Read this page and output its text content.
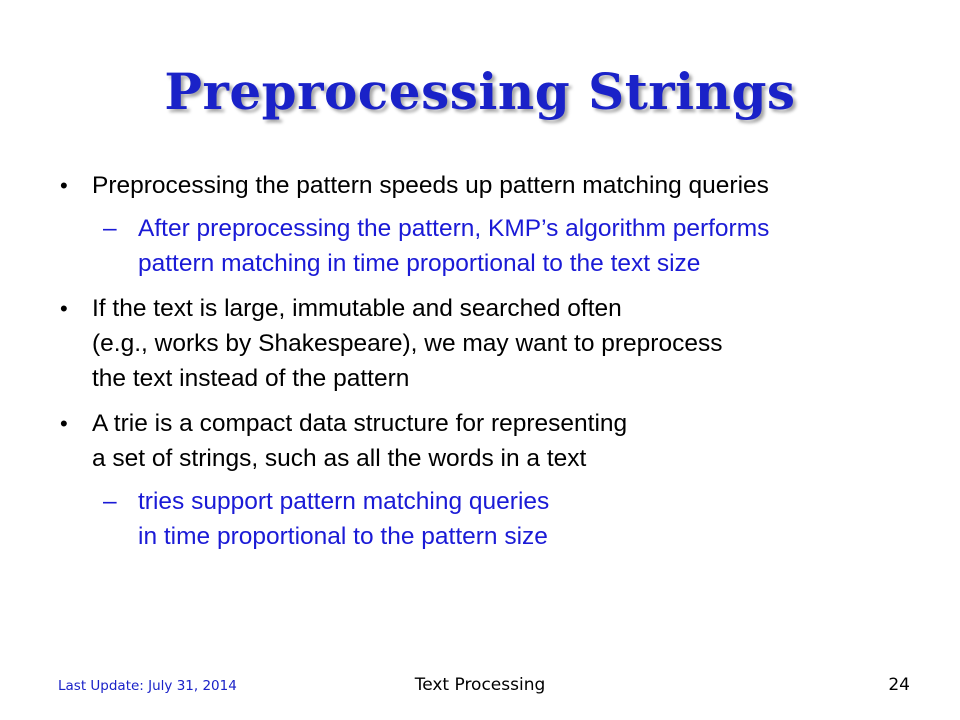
Preprocessing Strings
• Preprocessing the pattern speeds up pattern matching queries
– After preprocessing the pattern, KMP’s algorithm performs
pattern matching in time proportional to the text size
• If the text is large, immutable and searched often
(e.g., works by Shakespeare), we may want to preprocess
the text instead of the pattern
• A trie is a compact data structure for representing
a set of strings, such as all the words in a text
– tries support pattern matching queries
in time proportional to the pattern size
Last Update: July 31, 2014	Text Processing	24
